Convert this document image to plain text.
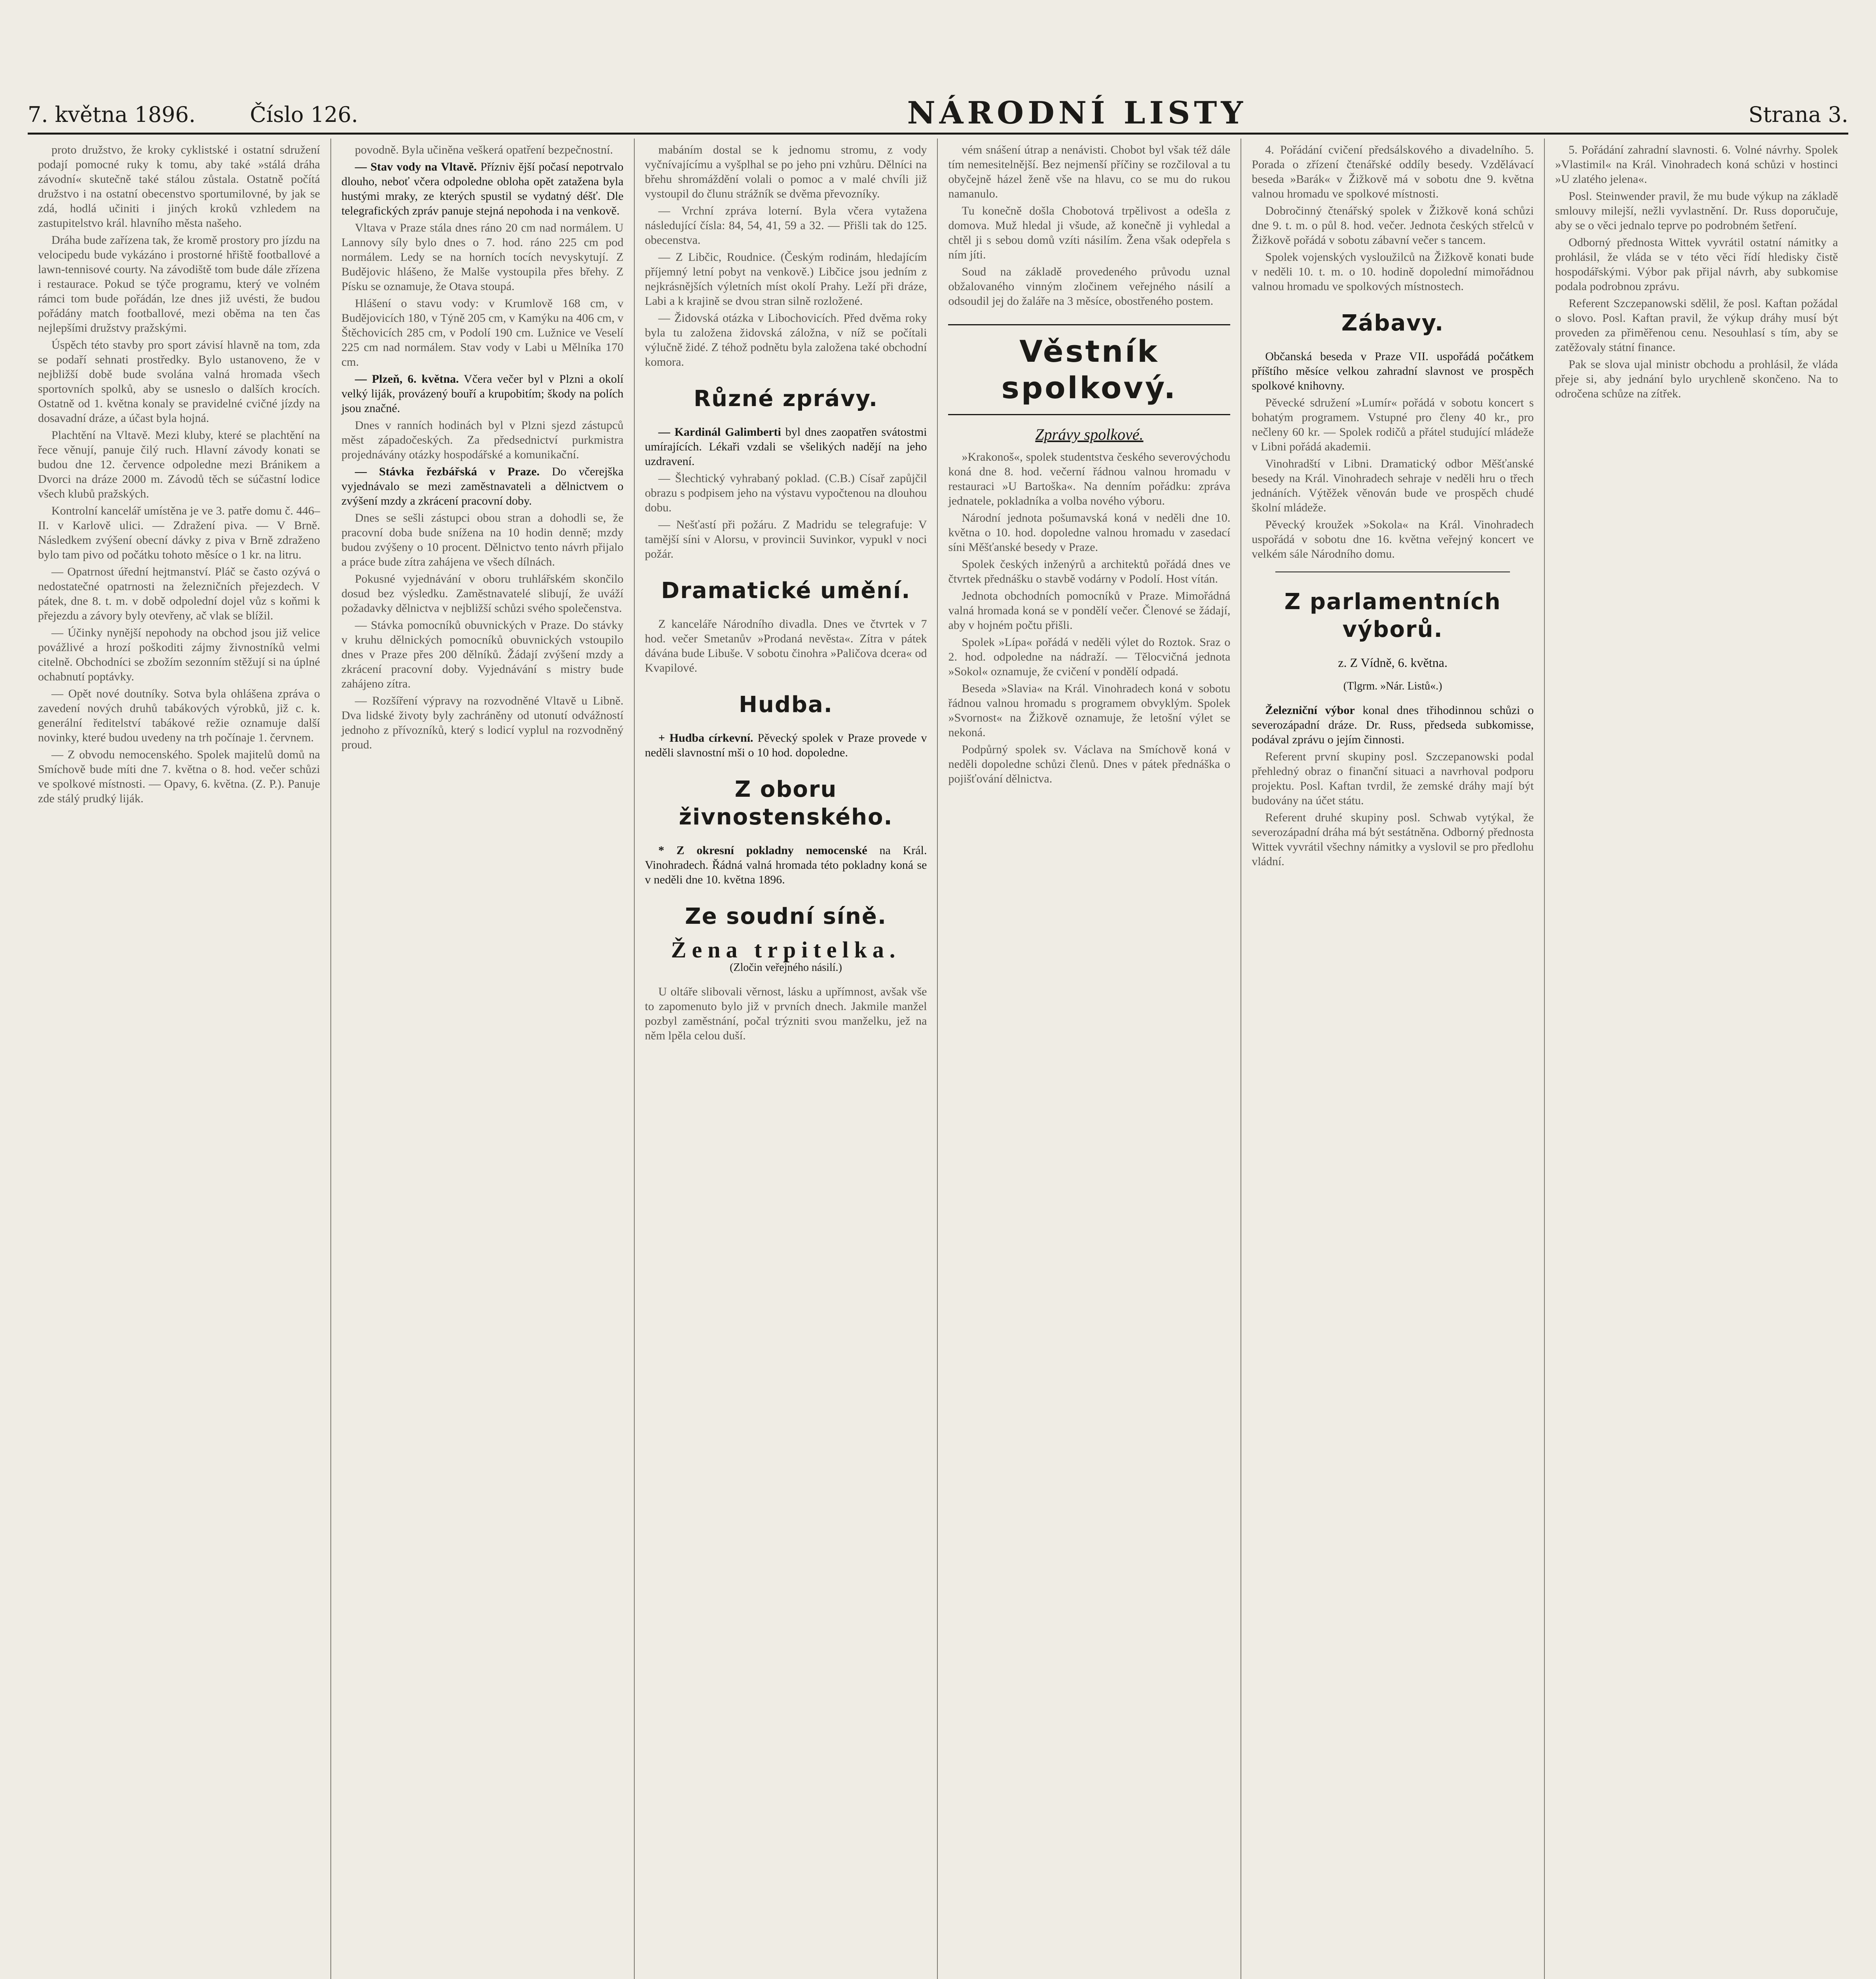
7. května 1896.	Číslo 126.	NÁRODNÍ LISTY	Strana 3.

proto družstvo, že kroky cyklistské i ostatní sdružení podají pomocné ruky k tomu, aby také »stálá dráha závodní« skutečně také stálou zůstala. Ostatně počítá družstvo i na ostatní obecenstvo sportumilovné, by jak se zdá, hodlá učiniti i jiných kroků vzhledem na zastupitelstvo král. hlavního města našeho.

Dráha bude zařízena tak, že kromě prostory pro jízdu na velocipedu bude vykázáno i prostorné hřiště footballové a lawn-tennisové courty. Na závodiště tom bude dále zřízena i restaurace. Pokud se týče programu, který ve volném rámci tom bude pořádán, lze dnes již uvésti, že budou pořádány match footballové, mezi oběma na ten čas nejlepšími družstvy pražskými.

Úspěch této stavby pro sport závisí hlavně na tom, zda se podaří sehnati prostředky. Bylo ustanoveno, že v nejbližší době bude svolána valná hromada všech sportovních spolků, aby se usneslo o dalších krocích. Ostatně od 1. května konaly se pravidelné cvičné jízdy na dosavadní dráze, a účast byla hojná.

Plachtění na Vltavě. Mezi kluby, které se plachtění na řece věnují, panuje čilý ruch. Hlavní závody konati se budou dne 12. července odpoledne mezi Bránikem a Dvorci na dráze 2000 m. Závodů těch se súčastní lodice všech klubů pražských.

Kontrolní kancelář umístěna je ve 3. patře domu č. 446–II. v Karlově ulici. — Zdražení piva. — V Brně. Následkem zvýšení obecní dávky z piva v Brně zdraženo bylo tam pivo od počátku tohoto měsíce o 1 kr. na litru.

— Opatrnost úřední hejtmanství. Pláč se často ozývá o nedostatečné opatrnosti na železničních přejezdech. V pátek, dne 8. t. m. v době odpolední dojel vůz s koňmi k přejezdu a závory byly otevřeny, ač vlak se blížil.

— Účinky nynější nepohody na obchod jsou již velice povážlivé a hrozí poškoditi zájmy živnostníků velmi citelně. Obchodníci se zbožím sezonním stěžují si na úplné ochabnutí poptávky.

— Opět nové doutníky. Sotva byla ohlášena zpráva o zavedení nových druhů tabákových výrobků, již c. k. generální ředitelství tabákové režie oznamuje další novinky, které budou uvedeny na trh počínaje 1. červnem.

— Z obvodu nemocenského. Spolek majitelů domů na Smíchově bude míti dne 7. května o 8. hod. večer schůzi ve spolkové místnosti. — Opavy, 6. května. (Z. P.). Panuje zde stálý prudký liják.

povodně. Byla učiněna veškerá opatření bezpečnostní.

— Stav vody na Vltavě. Přízniv ější počasí nepotrvalo dlouho, neboť včera odpoledne obloha opět zatažena byla hustými mraky, ze kterých spustil se vydatný déšť. Dle telegrafických zpráv panuje stejná nepohoda i na venkově.

Vltava v Praze stála dnes ráno 20 cm nad normálem. U Lannovy síly bylo dnes o 7. hod. ráno 225 cm pod normálem. Ledy se na horních tocích nevyskytují. Z Budějovic hlášeno, že Malše vystoupila přes břehy. Z Písku se oznamuje, že Otava stoupá.

Hlášení o stavu vody: v Krumlově 168 cm, v Budějovicích 180, v Týně 205 cm, v Kamýku na 406 cm, v Štěchovicích 285 cm, v Podolí 190 cm. Lužnice ve Veselí 225 cm nad normálem. Stav vody v Labi u Mělníka 170 cm.

— Plzeň, 6. května. Včera večer byl v Plzni a okolí velký liják, provázený bouří a krupobitím; škody na polích jsou značné.

Dnes v ranních hodinách byl v Plzni sjezd zástupců měst západočeských. Za předsednictví purkmistra projednávány otázky hospodářské a komunikační.

— Stávka řezbářská v Praze. Do včerejška vyjednávalo se mezi zaměstnavateli a dělnictvem o zvýšení mzdy a zkrácení pracovní doby.

Dnes se sešli zástupci obou stran a dohodli se, že pracovní doba bude snížena na 10 hodin denně; mzdy budou zvýšeny o 10 procent. Dělnictvo tento návrh přijalo a práce bude zítra zahájena ve všech dílnách.

Pokusné vyjednávání v oboru truhlářském skončilo dosud bez výsledku. Zaměstnavatelé slibují, že uváží požadavky dělnictva v nejbližší schůzi svého společenstva.

— Stávka pomocníků obuvnických v Praze. Do stávky v kruhu dělnických pomocníků obuvnických vstoupilo dnes v Praze přes 200 dělníků. Žádají zvýšení mzdy a zkrácení pracovní doby. Vyjednávání s mistry bude zahájeno zítra.

— Rozšíření výpravy na rozvodněné Vltavě u Libně. Dva lidské životy byly zachráněny od utonutí odvážností jednoho z přívozníků, který s lodicí vyplul na rozvodněný proud.

mabáním dostal se k jednomu stromu, z vody vyčnívajícímu a vyšplhal se po jeho pni vzhůru. Dělníci na břehu shromáždění volali o pomoc a v malé chvíli již vystoupil do člunu strážník se dvěma převozníky.

— Vrchní zpráva loterní. Byla včera vytažena následující čísla: 84, 54, 41, 59 a 32. — Přišli tak do 125. obecenstva.

— Z Libčic, Roudnice. (Českým rodinám, hledajícím příjemný letní pobyt na venkově.) Libčice jsou jedním z nejkrásnějších výletních míst okolí Prahy. Leží při dráze, Labi a k krajině se dvou stran silně rozložené.

— Židovská otázka v Libochovicích. Před dvěma roky byla tu založena židovská záložna, v níž se počítali výlučně židé. Z téhož podnětu byla založena také obchodní komora.

Různé zprávy.

— Kardinál Galimberti byl dnes zaopatřen svátostmi umírajících. Lékaři vzdali se všelikých nadějí na jeho uzdravení.

— Šlechtický vyhrabaný poklad. (C.B.) Císař zapůjčil obrazu s podpisem jeho na výstavu vypočtenou na dlouhou dobu.

— Nešťastí při požáru. Z Madridu se telegrafuje: V tamější síni v Alorsu, v provincii Suvinkor, vypukl v noci požár.

Dramatické umění.

Z kanceláře Národního divadla. Dnes ve čtvrtek v 7 hod. večer Smetanův »Prodaná nevěsta«. Zítra v pátek dávána bude Libuše. V sobotu činohra »Paličova dcera« od Kvapilové.

Hudba.

+ Hudba církevní. Pěvecký spolek v Praze provede v neděli slavnostní mši o 10 hod. dopoledne.

Z oboru živnostenského.

* Z okresní pokladny nemocenské na Král. Vinohradech. Řádná valná hromada této pokladny koná se v neděli dne 10. května 1896.

Ze soudní síně.
Žena trpitelka.
(Zločin veřejného násilí.)

U oltáře slibovali věrnost, lásku a upřímnost, avšak vše to zapomenuto bylo již v prvních dnech. Jakmile manžel pozbyl zaměstnání, počal trýzniti svou manželku, jež na něm lpěla celou duší.

vém snášení útrap a nenávisti. Chobot byl však též dále tím nemesitelnější. Bez nejmenší příčiny se rozčiloval a tu obyčejně házel ženě vše na hlavu, co se mu do rukou namanulo.

Tu konečně došla Chobotová trpělivost a odešla z domova. Muž hledal ji všude, až konečně ji vyhledal a chtěl ji s sebou domů vzíti násilím. Žena však odepřela s ním jíti.

Soud na základě provedeného průvodu uznal obžalovaného vinným zločinem veřejného násilí a odsoudil jej do žaláře na 3 měsíce, obostřeného postem.

Věstník spolkový.
Zprávy spolkové.

»Krakonoš«, spolek studentstva českého severovýchodu koná dne 8. hod. večerní řádnou valnou hromadu v restauraci »U Bartoška«. Na denním pořádku: zpráva jednatele, pokladníka a volba nového výboru.

Národní jednota pošumavská koná v neděli dne 10. května o 10. hod. dopoledne valnou hromadu v zasedací síni Měšťanské besedy v Praze.

Spolek českých inženýrů a architektů pořádá dnes ve čtvrtek přednášku o stavbě vodárny v Podolí. Host vítán.

Jednota obchodních pomocníků v Praze. Mimořádná valná hromada koná se v pondělí večer. Členové se žádají, aby v hojném počtu přišli.

Spolek »Lípa« pořádá v neděli výlet do Roztok. Sraz o 2. hod. odpoledne na nádraží. — Tělocvičná jednota »Sokol« oznamuje, že cvičení v pondělí odpadá.

Beseda »Slavia« na Král. Vinohradech koná v sobotu řádnou valnou hromadu s programem obvyklým. Spolek »Svornost« na Žižkově oznamuje, že letošní výlet se nekoná.

Podpůrný spolek sv. Václava na Smíchově koná v neděli dopoledne schůzi členů. Dnes v pátek přednáška o pojišťování dělnictva.

4. Pořádání cvičení předsálskového a divadelního. 5. Porada o zřízení čtenářské oddíly besedy. Vzdělávací beseda »Barák« v Žižkově má v sobotu dne 9. května valnou hromadu ve spolkové místnosti.

Dobročinný čtenářský spolek v Žižkově koná schůzi dne 9. t. m. o půl 8. hod. večer. Jednota českých střelců v Žižkově pořádá v sobotu zábavní večer s tancem.

Spolek vojenských vysloužilců na Žižkově konati bude v neděli 10. t. m. o 10. hodině dopolední mimořádnou valnou hromadu ve spolkových místnostech.

Zábavy.

Občanská beseda v Praze VII. uspořádá počátkem příštího měsíce velkou zahradní slavnost ve prospěch spolkové knihovny.

Pěvecké sdružení »Lumír« pořádá v sobotu koncert s bohatým programem. Vstupné pro členy 40 kr., pro nečleny 60 kr. — Spolek rodičů a přátel studující mládeže v Libni pořádá akademii.

Vinohradští v Libni. Dramatický odbor Měšťanské besedy na Král. Vinohradech sehraje v neděli hru o třech jednáních. Výtěžek věnován bude ve prospěch chudé školní mládeže.

Pěvecký kroužek »Sokola« na Král. Vinohradech uspořádá v sobotu dne 16. května veřejný koncert ve velkém sále Národního domu.

Z parlamentních výborů.
z. Z Vídně, 6. května.
(Tlgrm. »Nár. Listů«.)

Železniční výbor konal dnes třihodinnou schůzi o severozápadní dráze. Dr. Russ, předseda subkomisse, podával zprávu o jejím činnosti.

Referent první skupiny posl. Szczepanowski podal přehledný obraz o finanční situaci a navrhoval podporu projektu. Posl. Kaftan tvrdil, že zemské dráhy mají být budovány na účet státu.

Referent druhé skupiny posl. Schwab vytýkal, že severozápadní dráha má být sestátněna. Odborný přednosta Wittek vyvrátil všechny námitky a vyslovil se pro předlohu vládní.

5. Pořádání zahradní slavnosti. 6. Volné návrhy. Spolek »Vlastimil« na Král. Vinohradech koná schůzi v hostinci »U zlatého jelena«.

Posl. Steinwender pravil, že mu bude výkup na základě smlouvy milejší, nežli vyvlastnění. Dr. Russ doporučuje, aby se o věci jednalo teprve po podrobném šetření.

Odborný přednosta Wittek vyvrátil ostatní námitky a prohlásil, že vláda se v této věci řídí hledisky čistě hospodářskými. Výbor pak přijal návrh, aby subkomise podala podrobnou zprávu.

Referent Szczepanowski sdělil, že posl. Kaftan požádal o slovo. Posl. Kaftan pravil, že výkup dráhy musí být proveden za přiměřenou cenu. Nesouhlasí s tím, aby se zatěžovaly státní finance.

Pak se slova ujal ministr obchodu a prohlásil, že vláda přeje si, aby jednání bylo urychleně skončeno. Na to odročena schůze na zítřek.
